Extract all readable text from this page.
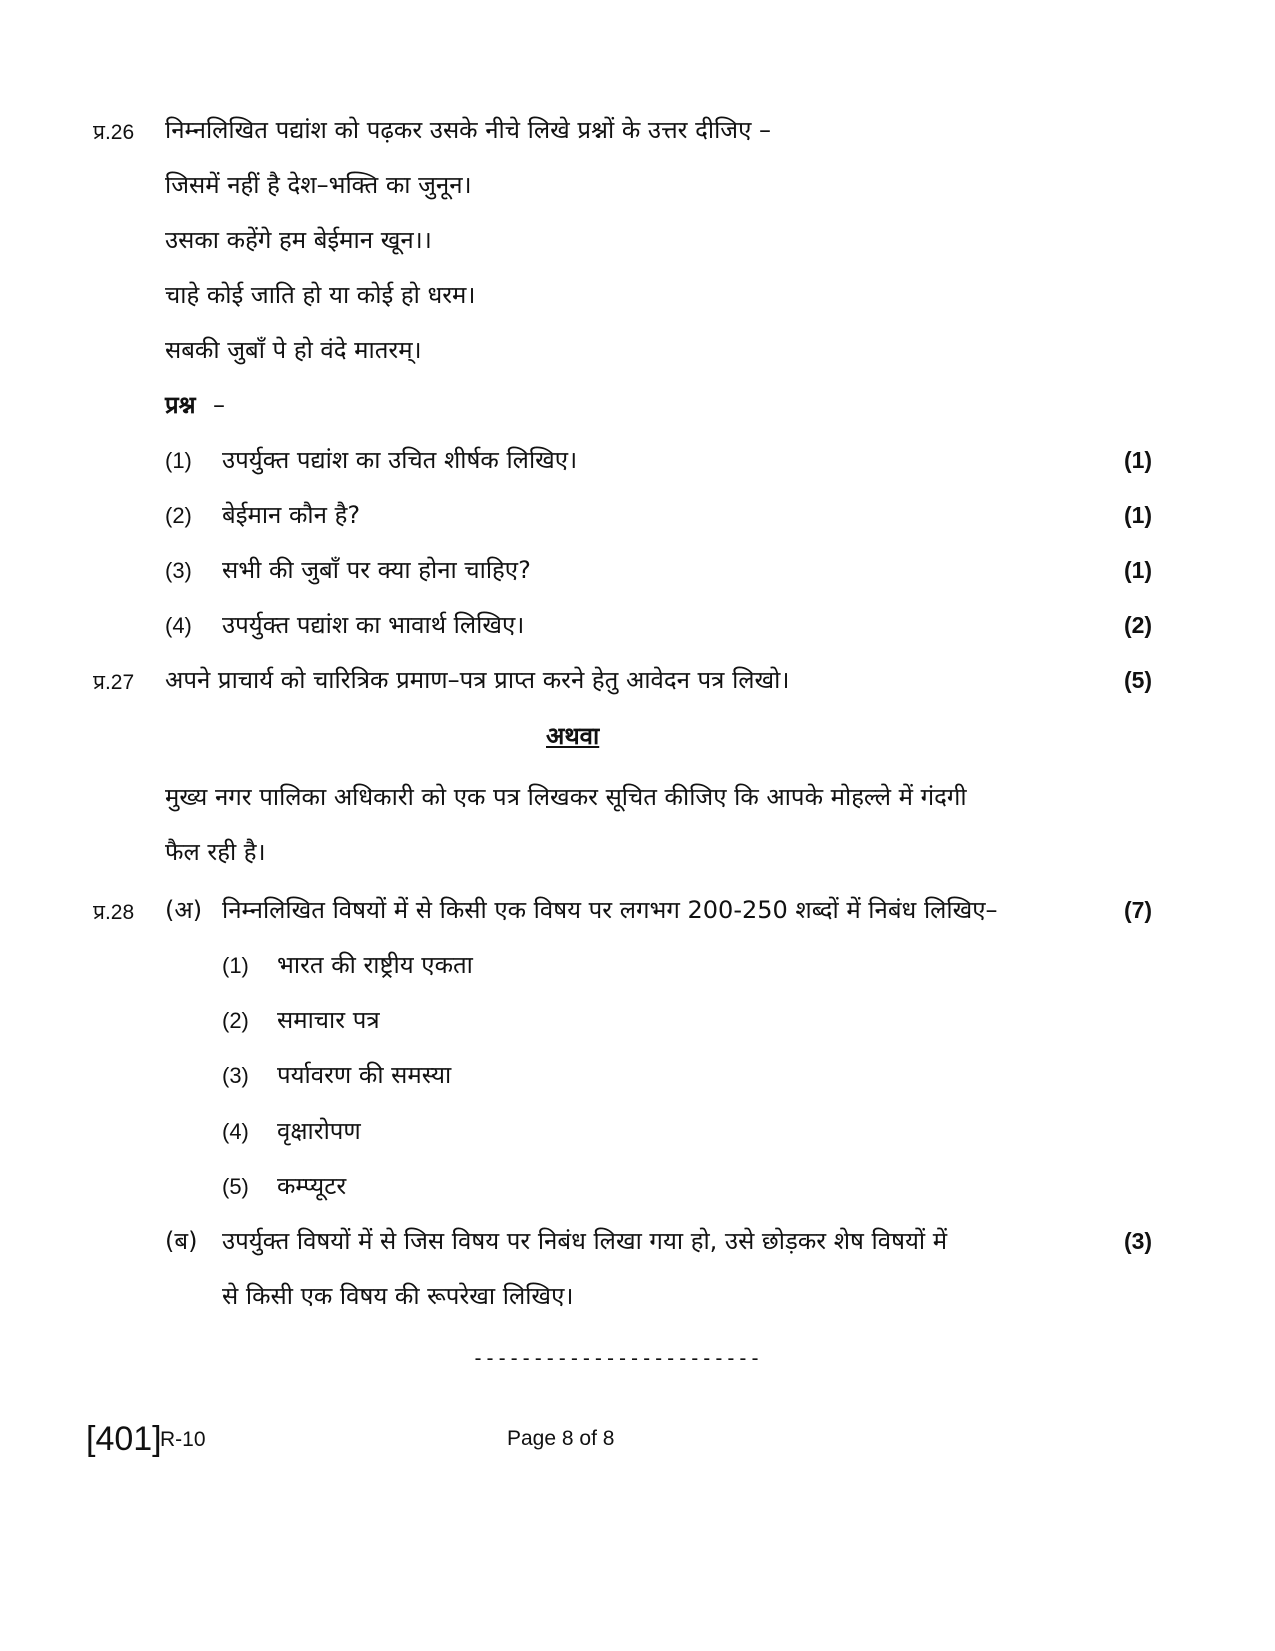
प्र.26 निम्नलिखित पद्यांश को पढ़कर उसके नीचे लिखे प्रश्नों के उत्तर दीजिए –
जिसमें नहीं है देश–भक्ति का जुनून।
उसका कहेंगे हम बेईमान खून।।
चाहे कोई जाति हो या कोई हो धरम।
सबकी जुबाँ पे हो वंदे मातरम्।
प्रश्न –
(1) उपर्युक्त पद्यांश का उचित शीर्षक लिखिए।	(1)
(2) बेईमान कौन है?	(1)
(3) सभी की जुबाँ पर क्या होना चाहिए?	(1)
(4) उपर्युक्त पद्यांश का भावार्थ लिखिए।	(2)
प्र.27 अपने प्राचार्य को चारित्रिक प्रमाण–पत्र प्राप्त करने हेतु आवेदन पत्र लिखो।	(5)
अथवा
मुख्य नगर पालिका अधिकारी को एक पत्र लिखकर सूचित कीजिए कि आपके मोहल्ले में गंदगी
फैल रही है।
प्र.28 (अ) निम्नलिखित विषयों में से किसी एक विषय पर लगभग 200-250 शब्दों में निबंध लिखिए–	(7)
(1) भारत की राष्ट्रीय एकता
(2) समाचार पत्र
(3) पर्यावरण की समस्या
(4) वृक्षारोपण
(5) कम्प्यूटर
(ब) उपर्युक्त विषयों में से जिस विषय पर निबंध लिखा गया हो, उसे छोड़कर शेष विषयों में	(3)
से किसी एक विषय की रूपरेखा लिखिए।
------------------------
[401]
R-10	Page 8 of 8
